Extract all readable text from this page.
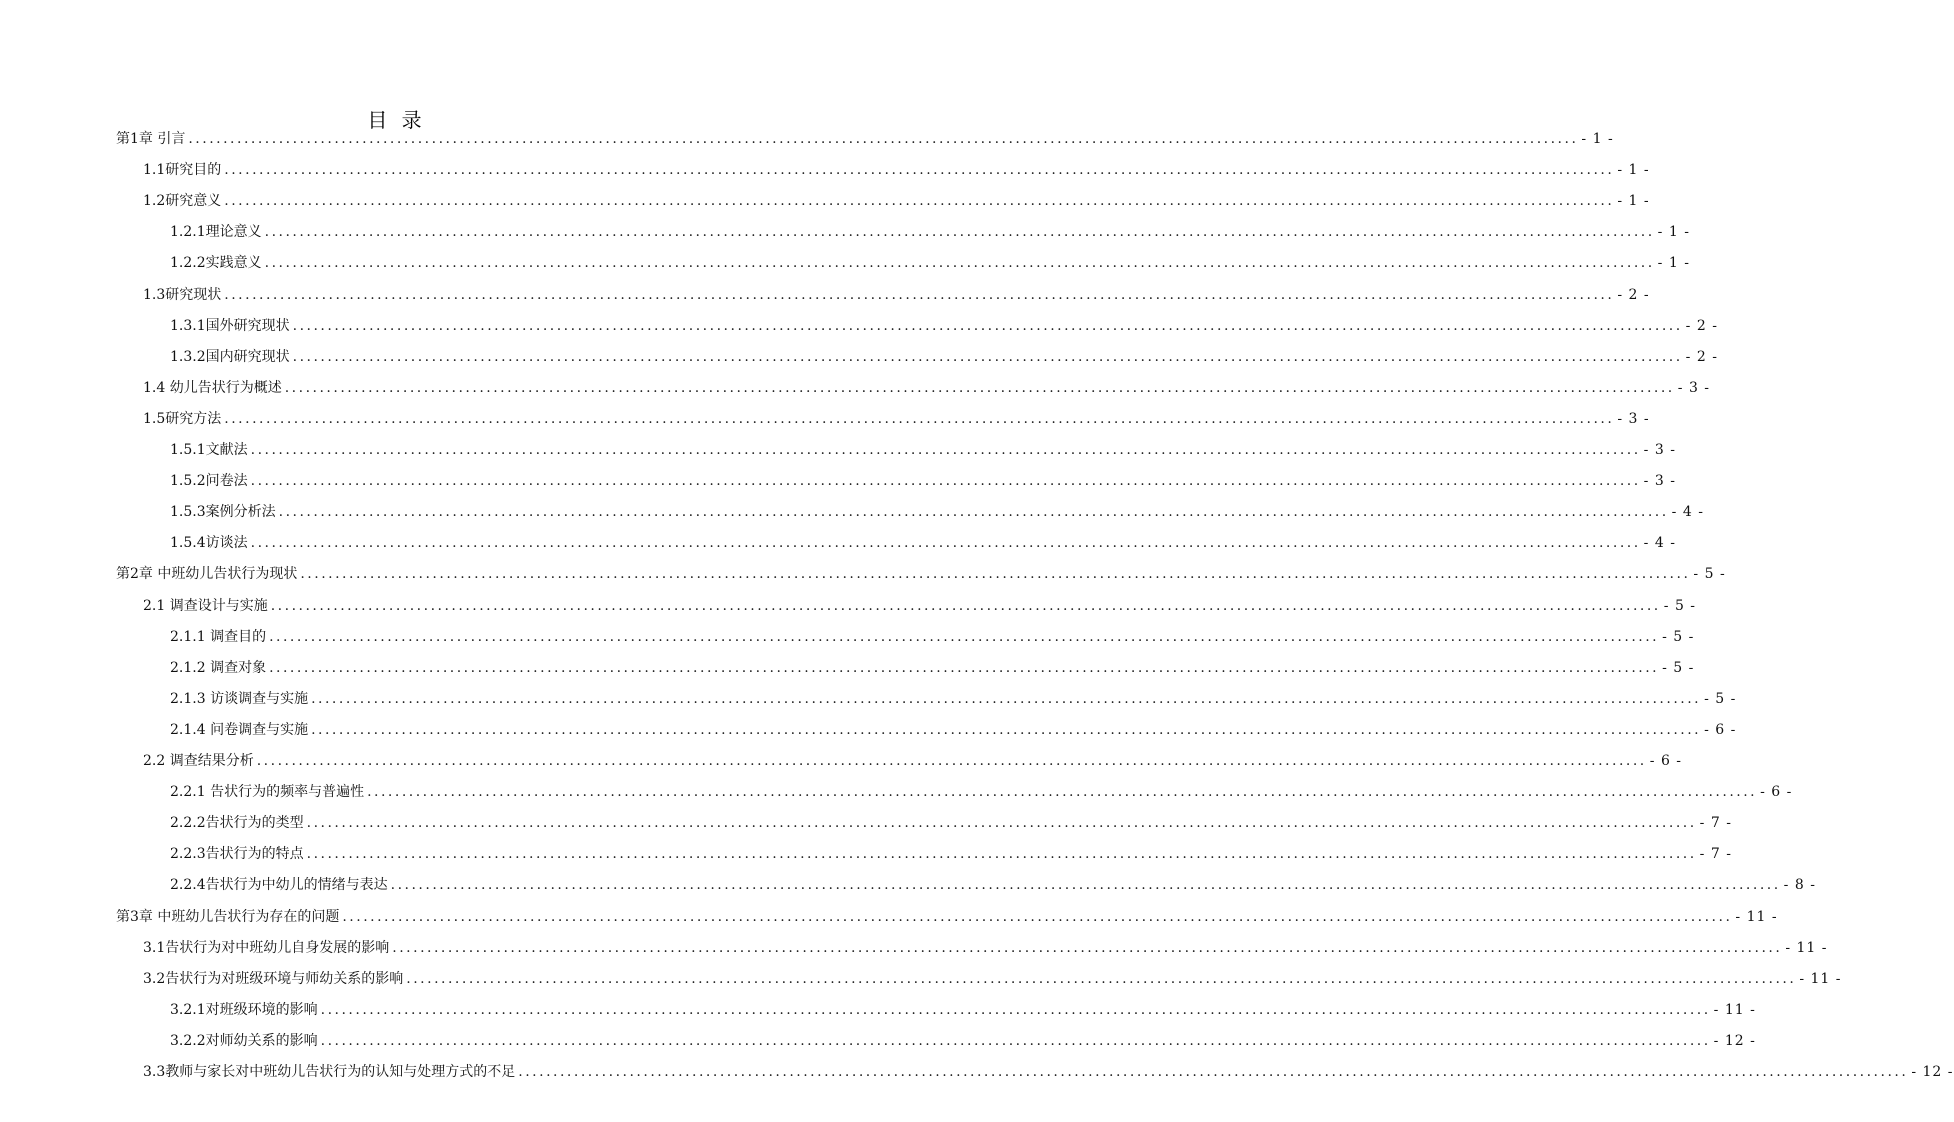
目 录
第1章 引言 ........................................................................................................................................................................................................ - 1 -
1.1研究目的 ........................................................................................................................................................................................................ - 1 -
1.2研究意义 ........................................................................................................................................................................................................ - 1 -
1.2.1理论意义 ........................................................................................................................................................................................................ - 1 -
1.2.2实践意义 ........................................................................................................................................................................................................ - 1 -
1.3研究现状 ........................................................................................................................................................................................................ - 2 -
1.3.1国外研究现状 ........................................................................................................................................................................................................ - 2 -
1.3.2国内研究现状 ........................................................................................................................................................................................................ - 2 -
1.4 幼儿告状行为概述 ........................................................................................................................................................................................................ - 3 -
1.5研究方法 ........................................................................................................................................................................................................ - 3 -
1.5.1文献法 ........................................................................................................................................................................................................ - 3 -
1.5.2问卷法 ........................................................................................................................................................................................................ - 3 -
1.5.3案例分析法 ........................................................................................................................................................................................................ - 4 -
1.5.4访谈法 ........................................................................................................................................................................................................ - 4 -
第2章 中班幼儿告状行为现状 ........................................................................................................................................................................................................ - 5 -
2.1 调查设计与实施 ........................................................................................................................................................................................................ - 5 -
2.1.1 调查目的 ........................................................................................................................................................................................................ - 5 -
2.1.2 调查对象 ........................................................................................................................................................................................................ - 5 -
2.1.3 访谈调查与实施 ........................................................................................................................................................................................................ - 5 -
2.1.4 问卷调查与实施 ........................................................................................................................................................................................................ - 6 -
2.2 调查结果分析 ........................................................................................................................................................................................................ - 6 -
2.2.1 告状行为的频率与普遍性 ........................................................................................................................................................................................................ - 6 -
2.2.2告状行为的类型 ........................................................................................................................................................................................................ - 7 -
2.2.3告状行为的特点 ........................................................................................................................................................................................................ - 7 -
2.2.4告状行为中幼儿的情绪与表达 ........................................................................................................................................................................................................ - 8 -
第3章 中班幼儿告状行为存在的问题 ........................................................................................................................................................................................................ - 11 -
3.1告状行为对中班幼儿自身发展的影响 ........................................................................................................................................................................................................ - 11 -
3.2告状行为对班级环境与师幼关系的影响 ........................................................................................................................................................................................................ - 11 -
3.2.1对班级环境的影响 ........................................................................................................................................................................................................ - 11 -
3.2.2对师幼关系的影响 ........................................................................................................................................................................................................ - 12 -
3.3教师与家长对中班幼儿告状行为的认知与处理方式的不足 ........................................................................................................................................................................................................ - 12 -
